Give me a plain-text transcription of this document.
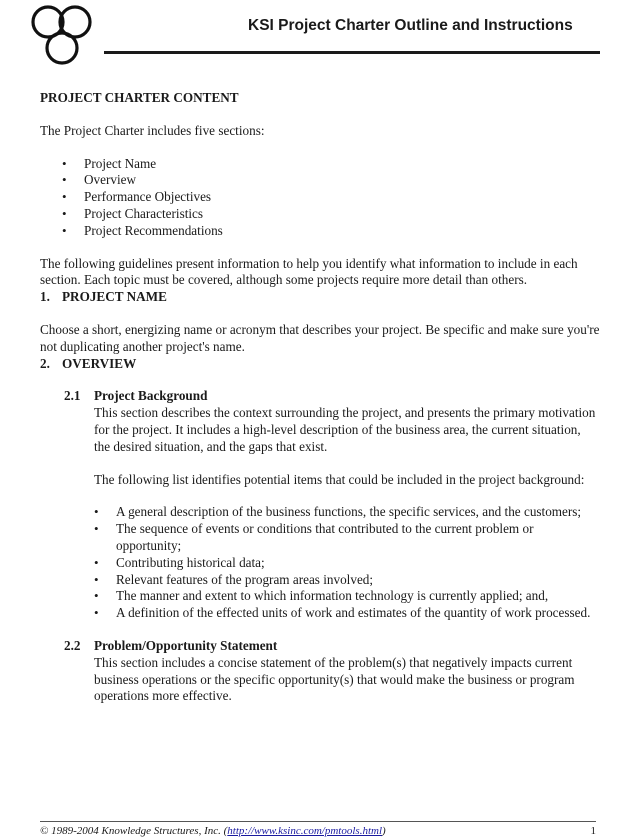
KSI Project Charter Outline and Instructions

PROJECT CHARTER CONTENT

The Project Charter includes five sections:

• Project Name
• Overview
• Performance Objectives
• Project Characteristics
• Project Recommendations

The following guidelines present information to help you identify what information to include in each section. Each topic must be covered, although some projects require more detail than others.

1. PROJECT NAME

Choose a short, energizing name or acronym that describes your project. Be specific and make sure you're not duplicating another project's name.

2. OVERVIEW
2.1	Project Background

This section describes the context surrounding the project, and presents the primary motivation for the project. It includes a high-level description of the business area, the current situation, the desired situation, and the gaps that exist.

The following list identifies potential items that could be included in the project background:

• A general description of the business functions, the specific services, and the customers;
• The sequence of events or conditions that contributed to the current problem or opportunity;
• Contributing historical data;
• Relevant features of the program areas involved;
• The manner and extent to which information technology is currently applied; and,
• A definition of the effected units of work and estimates of the quantity of work processed.
2.2	Problem/Opportunity Statement

This section includes a concise statement of the problem(s) that negatively impacts current business operations or the specific opportunity(s) that would make the business or program operations more effective.

© 1989-2004 Knowledge Structures, Inc. (http://www.ksinc.com/pmtools.html)	1
